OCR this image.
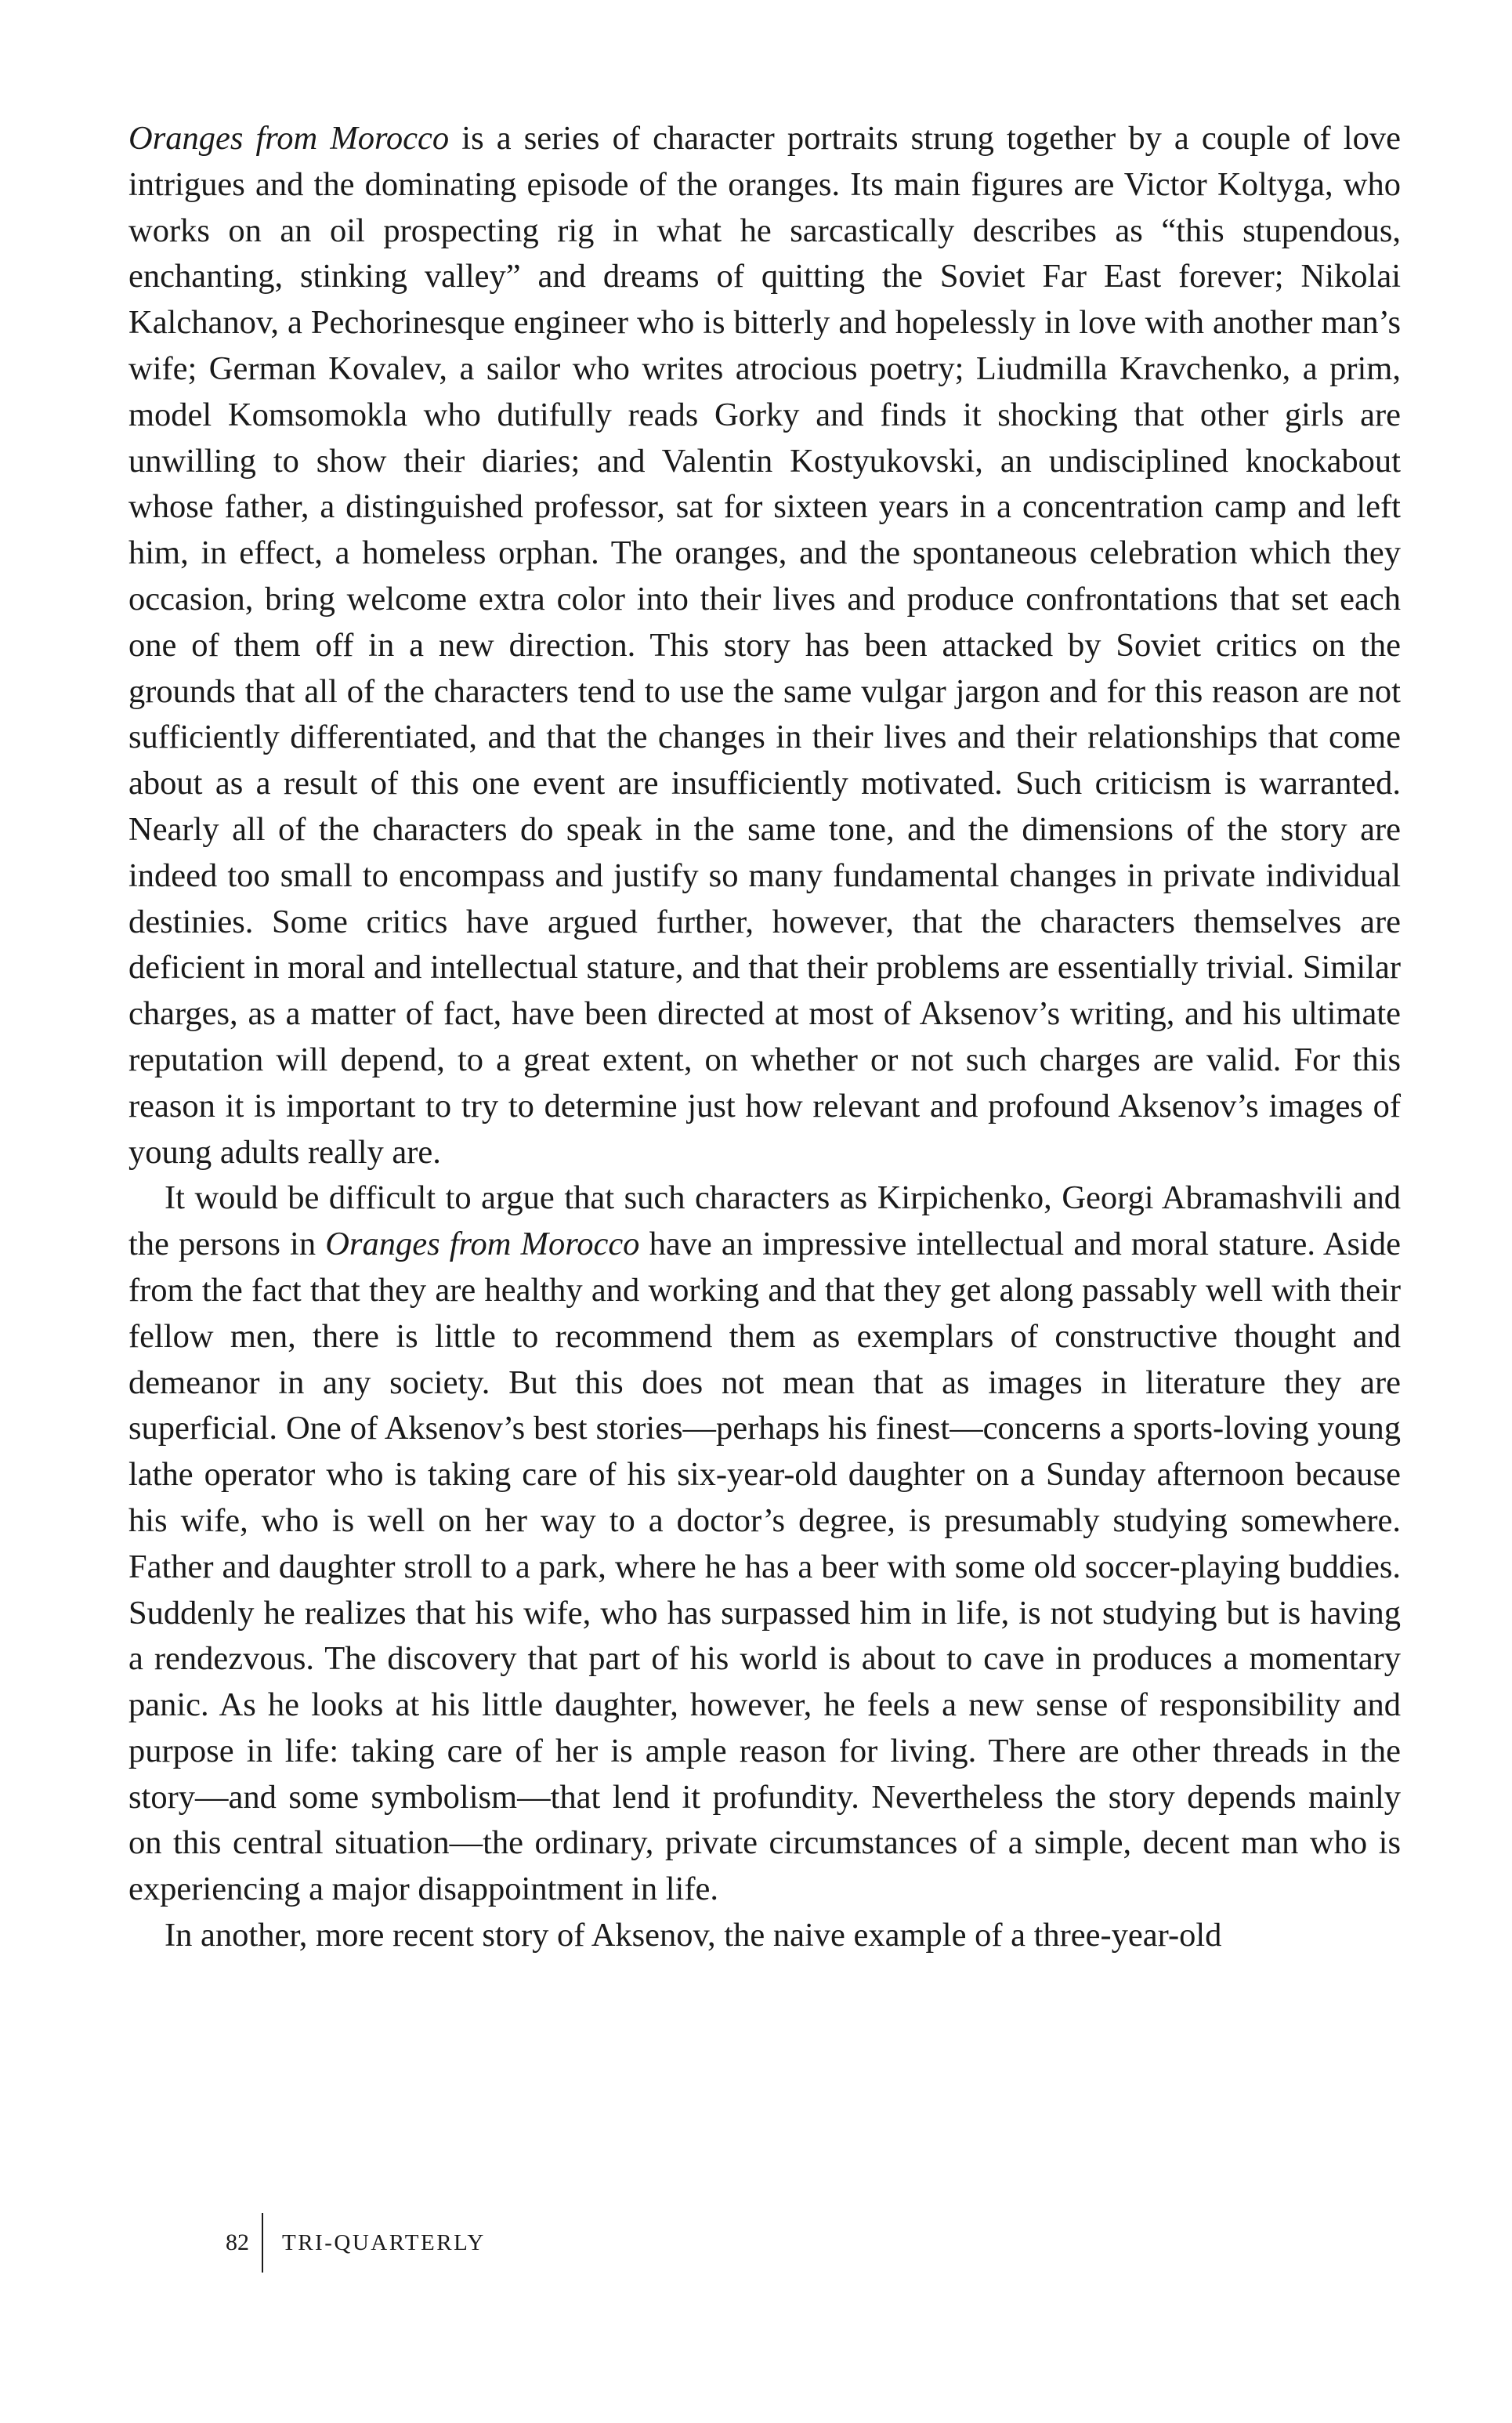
Oranges from Morocco is a series of character portraits strung together by a couple of love intrigues and the dominating episode of the oranges. Its main figures are Victor Koltyga, who works on an oil prospecting rig in what he sarcastically describes as “this stupendous, enchanting, stinking valley” and dreams of quitting the Soviet Far East forever; Nikolai Kalchanov, a Pechorinesque engineer who is bitterly and hopelessly in love with another man’s wife; German Kovalev, a sailor who writes atrocious poetry; Liudmilla Kravchenko, a prim, model Komsomokla who dutifully reads Gorky and finds it shocking that other girls are unwilling to show their diaries; and Valentin Kostyukovski, an undisciplined knockabout whose father, a distinguished professor, sat for sixteen years in a concentration camp and left him, in effect, a homeless orphan. The oranges, and the spontaneous celebration which they occasion, bring welcome extra color into their lives and produce confrontations that set each one of them off in a new direction. This story has been attacked by Soviet critics on the grounds that all of the characters tend to use the same vulgar jargon and for this reason are not sufficiently differentiated, and that the changes in their lives and their relationships that come about as a result of this one event are insufficiently motivated. Such criticism is warranted. Nearly all of the characters do speak in the same tone, and the dimensions of the story are indeed too small to encompass and justify so many fundamental changes in private individual destinies. Some critics have argued further, however, that the characters themselves are deficient in moral and intellectual stature, and that their problems are essentially trivial. Similar charges, as a matter of fact, have been directed at most of Aksenov’s writing, and his ultimate reputation will depend, to a great extent, on whether or not such charges are valid. For this reason it is important to try to determine just how relevant and profound Aksenov’s images of young adults really are.

It would be difficult to argue that such characters as Kirpichenko, Georgi Abramashvili and the persons in Oranges from Morocco have an impressive intellectual and moral stature. Aside from the fact that they are healthy and working and that they get along passably well with their fellow men, there is little to recommend them as exemplars of constructive thought and demeanor in any society. But this does not mean that as images in literature they are superficial. One of Aksenov’s best stories—perhaps his finest—concerns a sports-loving young lathe operator who is taking care of his six-year-old daughter on a Sunday afternoon because his wife, who is well on her way to a doctor’s degree, is presumably studying somewhere. Father and daughter stroll to a park, where he has a beer with some old soccer-playing buddies. Suddenly he realizes that his wife, who has surpassed him in life, is not studying but is having a rendezvous. The discovery that part of his world is about to cave in produces a momentary panic. As he looks at his little daughter, however, he feels a new sense of responsibility and purpose in life: taking care of her is ample reason for living. There are other threads in the story—and some symbolism—that lend it profundity. Nevertheless the story depends mainly on this central situation—the ordinary, private circumstances of a simple, decent man who is experiencing a major disappointment in life.

In another, more recent story of Aksenov, the naive example of a three-year-old

82	TRI-QUARTERLY
